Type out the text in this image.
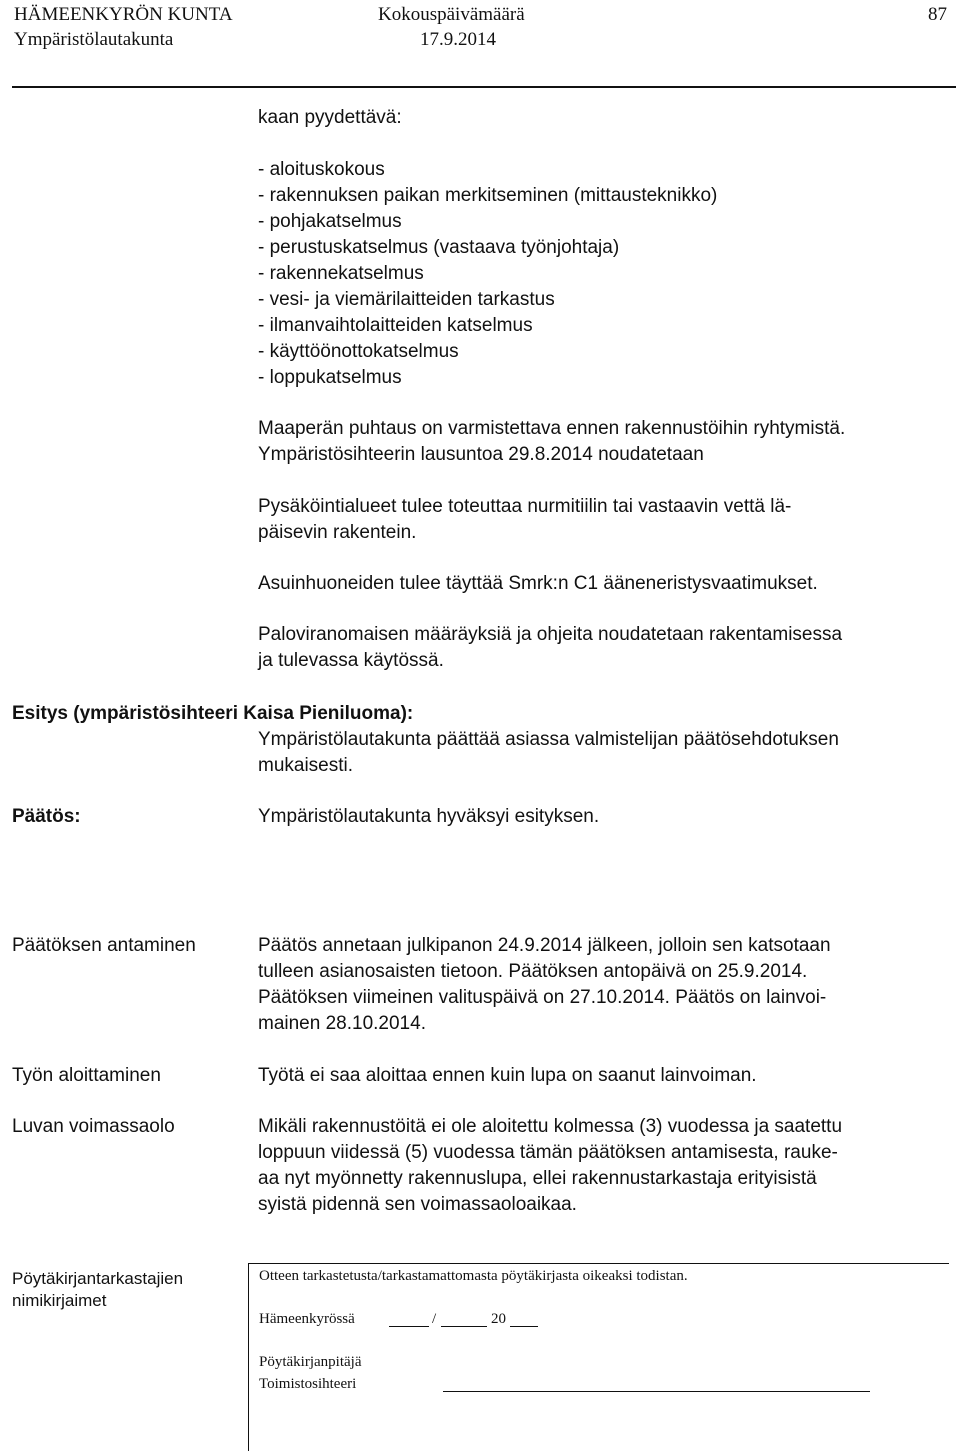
HÄMEENKYRÖN KUNTA	Kokouspäivämäärä	87
Ympäristölautakunta	17.9.2014
kaan pyydettävä:
- aloituskokous
- rakennuksen paikan merkitseminen (mittausteknikko)
- pohjakatselmus
- perustuskatselmus (vastaava työnjohtaja)
- rakennekatselmus
- vesi- ja viemärilaitteiden tarkastus
- ilmanvaihtolaitteiden katselmus
- käyttöönottokatselmus
- loppukatselmus
Maaperän puhtaus on varmistettava ennen rakennustöihin ryhtymistä.
Ympäristösihteerin lausuntoa 29.8.2014 noudatetaan
Pysäköintialueet tulee toteuttaa nurmitiilin tai vastaavin vettä lä-
päisevin rakentein.
Asuinhuoneiden tulee täyttää Smrk:n C1 ääneneristysvaatimukset.
Paloviranomaisen määräyksiä ja ohjeita noudatetaan rakentamisessa
ja tulevassa käytössä.
Esitys (ympäristösihteeri Kaisa Pieniluoma):
Ympäristölautakunta päättää asiassa valmistelijan päätösehdotuksen
mukaisesti.
Päätös:	Ympäristölautakunta hyväksyi esityksen.
Päätöksen antaminen	Päätös annetaan julkipanon 24.9.2014 jälkeen, jolloin sen katsotaan
tulleen asianosaisten tietoon. Päätöksen antopäivä on 25.9.2014.
Päätöksen viimeinen valituspäivä on 27.10.2014. Päätös on lainvoi-
mainen 28.10.2014.
Työn aloittaminen	Työtä ei saa aloittaa ennen kuin lupa on saanut lainvoiman.
Luvan voimassaolo	Mikäli rakennustöitä ei ole aloitettu kolmessa (3) vuodessa ja saatettu
loppuun viidessä (5) vuodessa tämän päätöksen antamisesta, raukе-
aa nyt myönnetty rakennuslupa, ellei rakennustarkastaja erityisistä
syistä pidennä sen voimassaoloaikaa.
Pöytäkirjantarkastajien
nimikirjaimet
Otteen tarkastetusta/tarkastamattomasta pöytäkirjasta oikeaksi todistan.
Hämeenkyrössä	/	20
Pöytäkirjanpitäjä
Toimistosihteeri
